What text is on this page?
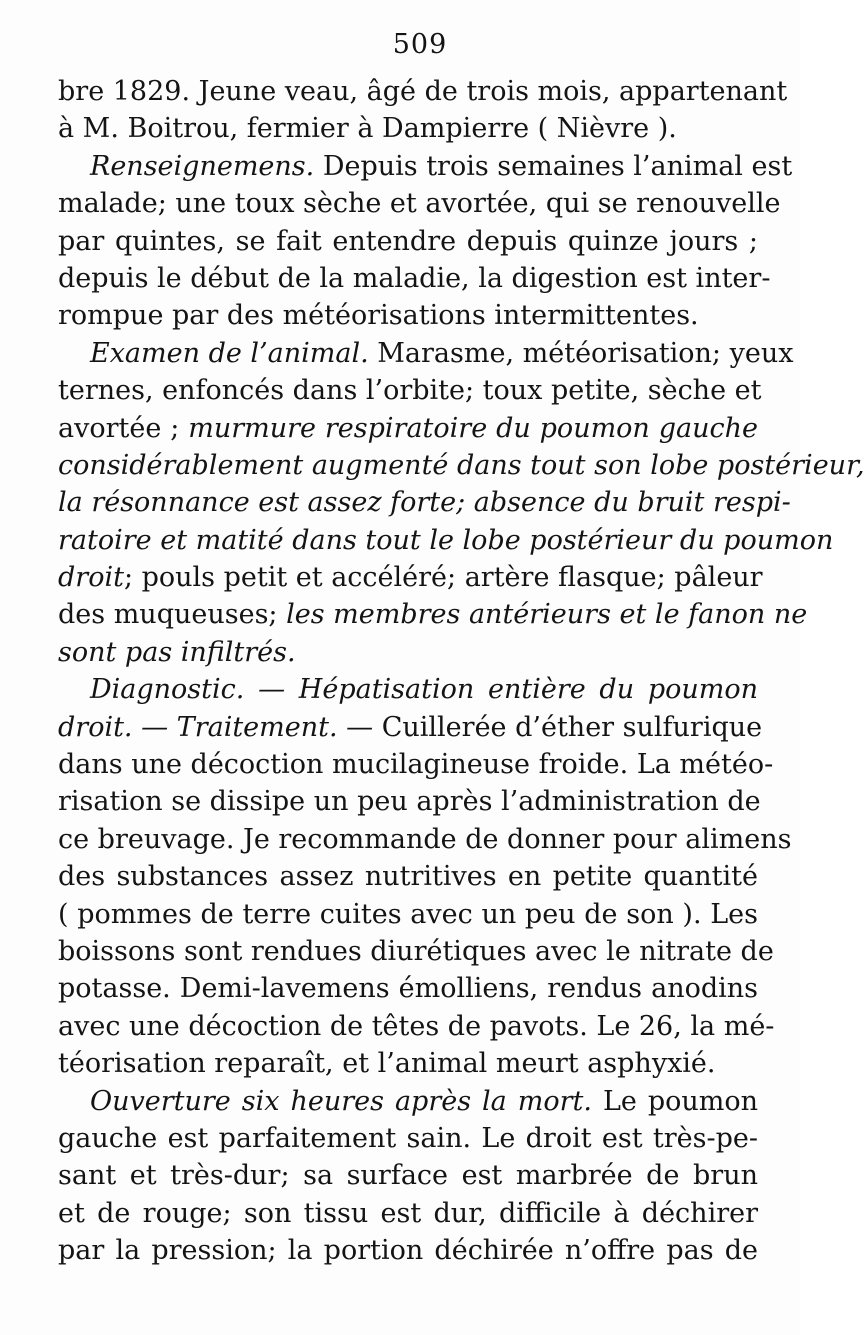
509
bre 1829. Jeune veau, âgé de trois mois, appartenant
à M. Boitrou, fermier à Dampierre ( Nièvre ).
Renseignemens. Depuis trois semaines l’animal est
malade; une toux sèche et avortée, qui se renouvelle
par quintes, se fait entendre depuis quinze jours ;
depuis le début de la maladie, la digestion est inter-
rompue par des météorisations intermittentes.
Examen de l’animal. Marasme, météorisation; yeux
ternes, enfoncés dans l’orbite; toux petite, sèche et
avortée ; murmure respiratoire du poumon gauche
considérablement augmenté dans tout son lobe postérieur,
la résonnance est assez forte; absence du bruit respi-
ratoire et matité dans tout le lobe postérieur du poumon
droit; pouls petit et accéléré; artère flasque; pâleur
des muqueuses; les membres antérieurs et le fanon ne
sont pas infiltrés.
Diagnostic. — Hépatisation entière du poumon
droit. — Traitement. — Cuillerée d’éther sulfurique
dans une décoction mucilagineuse froide. La météo-
risation se dissipe un peu après l’administration de
ce breuvage. Je recommande de donner pour alimens
des substances assez nutritives en petite quantité
( pommes de terre cuites avec un peu de son ). Les
boissons sont rendues diurétiques avec le nitrate de
potasse. Demi-lavemens émolliens, rendus anodins
avec une décoction de têtes de pavots. Le 26, la mé-
téorisation reparaît, et l’animal meurt asphyxié.
Ouverture six heures après la mort. Le poumon
gauche est parfaitement sain. Le droit est très-pe-
sant et très-dur; sa surface est marbrée de brun
et de rouge; son tissu est dur, difficile à déchirer
par la pression; la portion déchirée n’offre pas de
